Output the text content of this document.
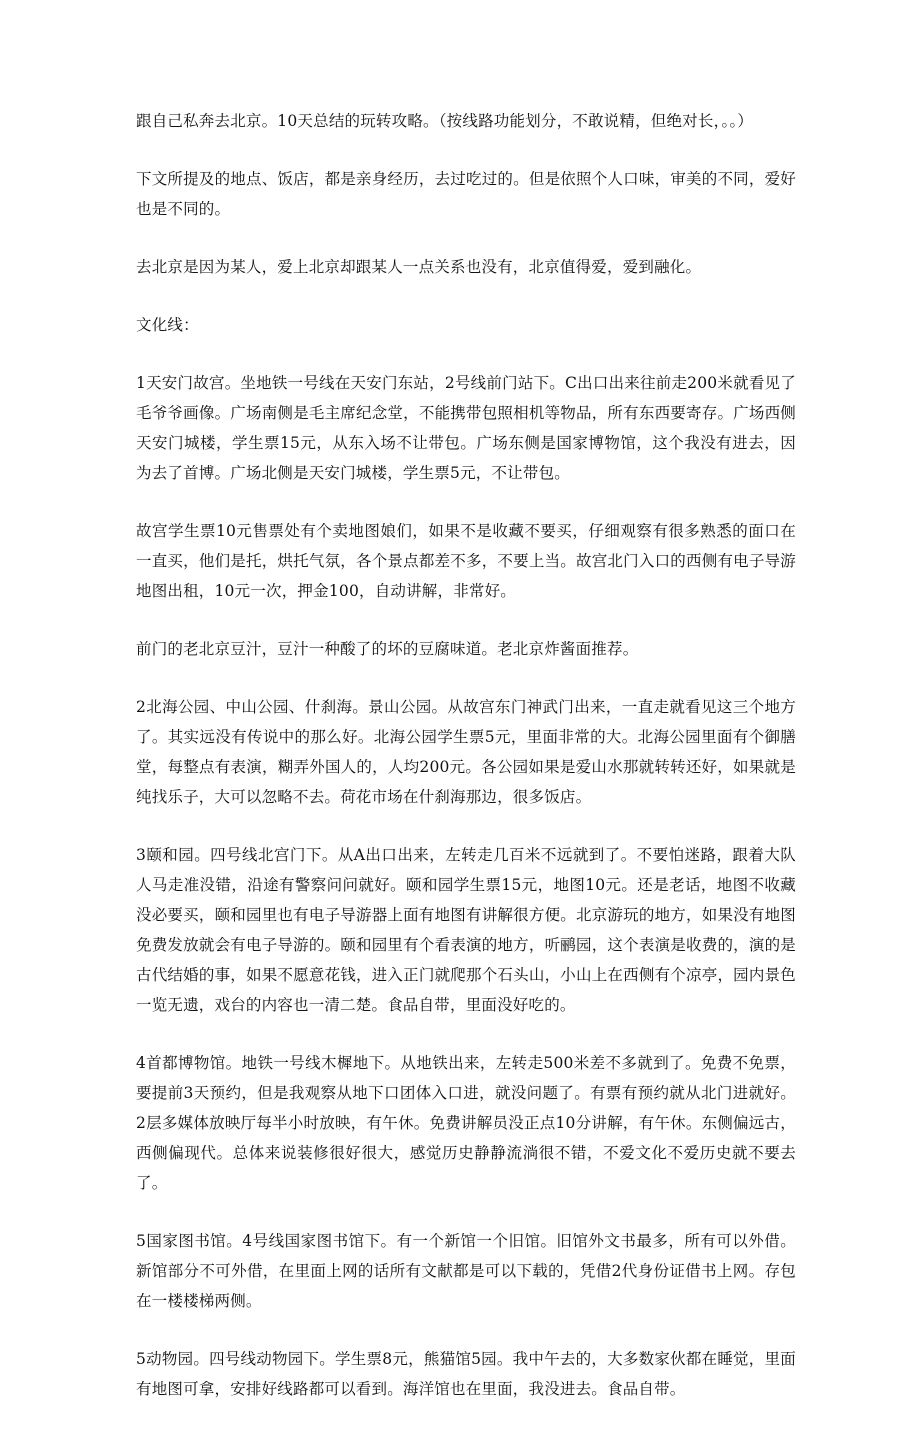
跟自己私奔去北京。10天总结的玩转攻略。（按线路功能划分，不敢说精，但绝对长，。。）

下文所提及的地点、饭店，都是亲身经历，去过吃过的。但是依照个人口味，审美的不同，爱好也是不同的。

去北京是因为某人，爱上北京却跟某人一点关系也没有，北京值得爱，爱到融化。

文化线：

1天安门故宫。坐地铁一号线在天安门东站，2号线前门站下。C出口出来往前走200米就看见了毛爷爷画像。广场南侧是毛主席纪念堂，不能携带包照相机等物品，所有东西要寄存。广场西侧天安门城楼，学生票15元，从东入场不让带包。广场东侧是国家博物馆，这个我没有进去，因为去了首博。广场北侧是天安门城楼，学生票5元，不让带包。

故宫学生票10元售票处有个卖地图娘们，如果不是收藏不要买，仔细观察有很多熟悉的面口在一直买，他们是托，烘托气氛，各个景点都差不多，不要上当。故宫北门入口的西侧有电子导游地图出租，10元一次，押金100，自动讲解，非常好。

前门的老北京豆汁，豆汁一种酸了的坏的豆腐味道。老北京炸酱面推荐。

2北海公园、中山公园、什刹海。景山公园。从故宫东门神武门出来，一直走就看见这三个地方了。其实远没有传说中的那么好。北海公园学生票5元，里面非常的大。北海公园里面有个御膳堂，每整点有表演，糊弄外国人的，人均200元。各公园如果是爱山水那就转转还好，如果就是纯找乐子，大可以忽略不去。荷花市场在什刹海那边，很多饭店。

3颐和园。四号线北宫门下。从A出口出来，左转走几百米不远就到了。不要怕迷路，跟着大队人马走准没错，沿途有警察问问就好。颐和园学生票15元，地图10元。还是老话，地图不收藏没必要买，颐和园里也有电子导游器上面有地图有讲解很方便。北京游玩的地方，如果没有地图免费发放就会有电子导游的。颐和园里有个看表演的地方，听鹂园，这个表演是收费的，演的是古代结婚的事，如果不愿意花钱，进入正门就爬那个石头山，小山上在西侧有个凉亭，园内景色一览无遗，戏台的内容也一清二楚。食品自带，里面没好吃的。

4首都博物馆。地铁一号线木樨地下。从地铁出来，左转走500米差不多就到了。免费不免票，要提前3天预约，但是我观察从地下口团体入口进，就没问题了。有票有预约就从北门进就好。2层多媒体放映厅每半小时放映，有午休。免费讲解员没正点10分讲解，有午休。东侧偏远古，西侧偏现代。总体来说装修很好很大，感觉历史静静流淌很不错，不爱文化不爱历史就不要去了。

5国家图书馆。4号线国家图书馆下。有一个新馆一个旧馆。旧馆外文书最多，所有可以外借。新馆部分不可外借，在里面上网的话所有文献都是可以下载的，凭借2代身份证借书上网。存包在一楼楼梯两侧。

5动物园。四号线动物园下。学生票8元，熊猫馆5园。我中午去的，大多数家伙都在睡觉，里面有地图可拿，安排好线路都可以看到。海洋馆也在里面，我没进去。食品自带。
